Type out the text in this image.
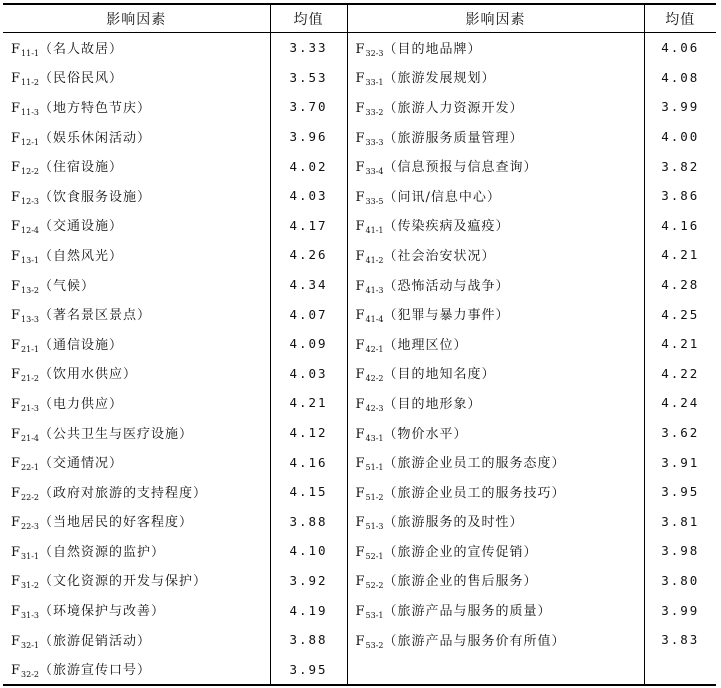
影响因素	均值	影响因素	均值
$F_{11-1}$（名人故居）	3.33	$F_{32-3}$（目的地品牌）	4.06
$F_{11-2}$（民俗民风）	3.53	$F_{33-1}$（旅游发展规划）	4.08
$F_{11-3}$（地方特色节庆）	3.70	$F_{33-2}$（旅游人力资源开发）	3.99
$F_{12-1}$（娱乐休闲活动）	3.96	$F_{33-3}$（旅游服务质量管理）	4.00
$F_{12-2}$（住宿设施）	4.02	$F_{33-4}$（信息预报与信息查询）	3.82
$F_{12-3}$（饮食服务设施）	4.03	$F_{33-5}$（问讯/信息中心）	3.86
$F_{12-4}$（交通设施）	4.17	$F_{41-1}$（传染疾病及瘟疫）	4.16
$F_{13-1}$（自然风光）	4.26	$F_{41-2}$（社会治安状况）	4.21
$F_{13-2}$（气候）	4.34	$F_{41-3}$（恐怖活动与战争）	4.28
$F_{13-3}$（著名景区景点）	4.07	$F_{41-4}$（犯罪与暴力事件）	4.25
$F_{21-1}$（通信设施）	4.09	$F_{42-1}$（地理区位）	4.21
$F_{21-2}$（饮用水供应）	4.03	$F_{42-2}$（目的地知名度）	4.22
$F_{21-3}$（电力供应）	4.21	$F_{42-3}$（目的地形象）	4.24
$F_{21-4}$（公共卫生与医疗设施）	4.12	$F_{43-1}$（物价水平）	3.62
$F_{22-1}$（交通情况）	4.16	$F_{51-1}$（旅游企业员工的服务态度）	3.91
$F_{22-2}$（政府对旅游的支持程度）	4.15	$F_{51-2}$（旅游企业员工的服务技巧）	3.95
$F_{22-3}$（当地居民的好客程度）	3.88	$F_{51-3}$（旅游服务的及时性）	3.81
$F_{31-1}$（自然资源的监护）	4.10	$F_{52-1}$（旅游企业的宣传促销）	3.98
$F_{31-2}$（文化资源的开发与保护）	3.92	$F_{52-2}$（旅游企业的售后服务）	3.80
$F_{31-3}$（环境保护与改善）	4.19	$F_{53-1}$（旅游产品与服务的质量）	3.99
$F_{32-1}$（旅游促销活动）	3.88	$F_{53-2}$（旅游产品与服务价有所值）	3.83
$F_{32-2}$（旅游宣传口号）	3.95		
